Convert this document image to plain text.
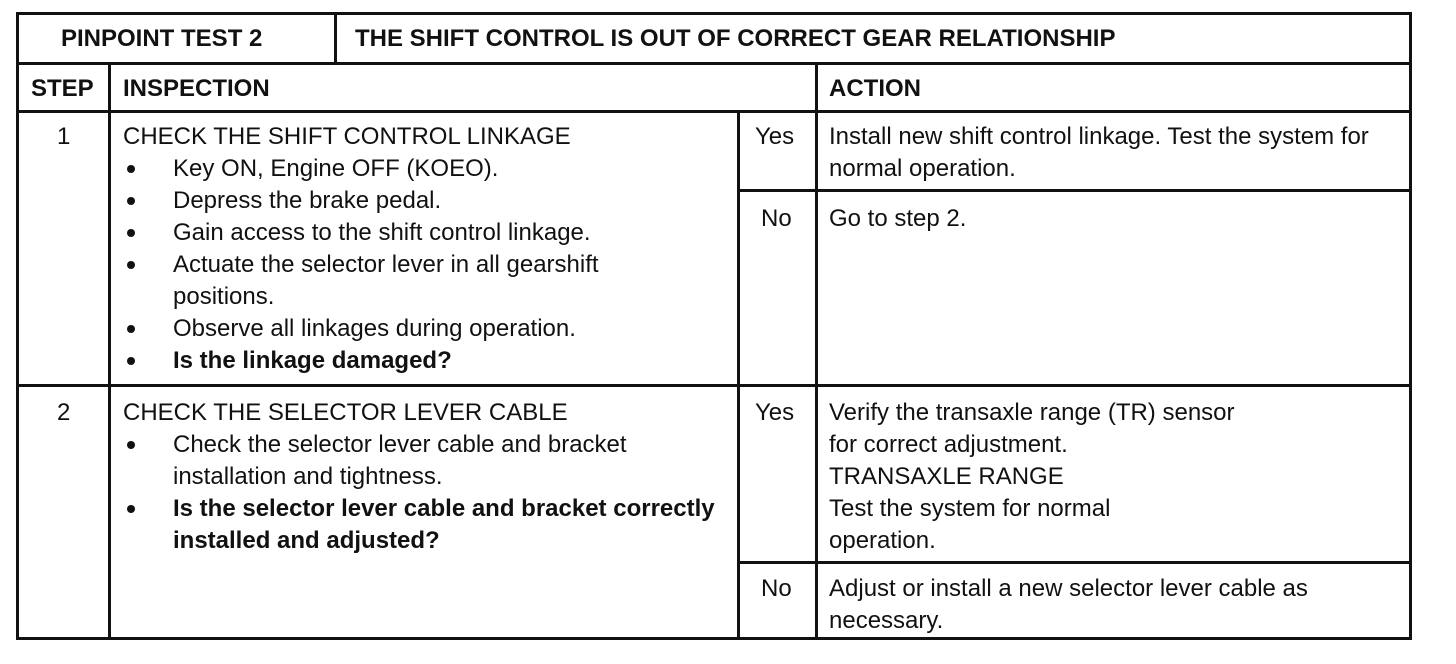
PINPOINT TEST 2	THE SHIFT CONTROL IS OUT OF CORRECT GEAR RELATIONSHIP
STEP INSPECTION	ACTION
1 CHECK THE SHIFT CONTROL LINKAGE
Key ON, Engine OFF (KOEO).
Depress the brake pedal.
Gain access to the shift control linkage.
Actuate the selector lever in all gearshift positions.
Observe all linkages during operation.
Is the linkage damaged?
Yes Install new shift control linkage. Test the system for normal operation.

No Go to step 2.

2 CHECK THE SELECTOR LEVER CABLE
Check the selector lever cable and bracket installation and tightness.
Is the selector lever cable and bracket correctly installed and adjusted?
Yes Verify the transaxle range (TR) sensor

for correct adjustment.

TRANSAXLE RANGE

Test the system for normal

operation.

No Adjust or install a new selector lever cable as necessary.
